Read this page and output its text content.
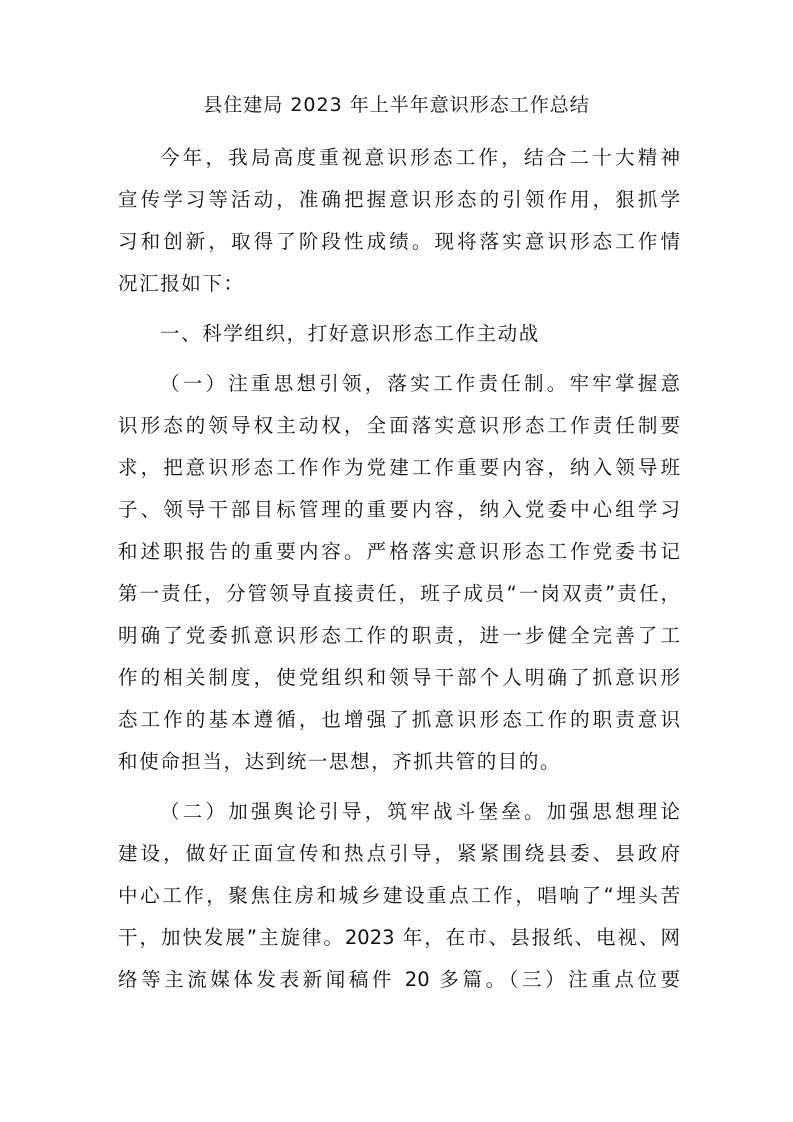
县住建局 2023 年上半年意识形态工作总结
今年，我局高度重视意识形态工作，结合二十大精神
宣传学习等活动，准确把握意识形态的引领作用，狠抓学
习和创新，取得了阶段性成绩。现将落实意识形态工作情
况汇报如下：
一、科学组织，打好意识形态工作主动战
（一）注重思想引领，落实工作责任制。牢牢掌握意
识形态的领导权主动权，全面落实意识形态工作责任制要
求，把意识形态工作作为党建工作重要内容，纳入领导班
子、领导干部目标管理的重要内容，纳入党委中心组学习
和述职报告的重要内容。严格落实意识形态工作党委书记
第一责任，分管领导直接责任，班子成员“一岗双责”责任，
明确了党委抓意识形态工作的职责，进一步健全完善了工
作的相关制度，使党组织和领导干部个人明确了抓意识形
态工作的基本遵循，也增强了抓意识形态工作的职责意识
和使命担当，达到统一思想，齐抓共管的目的。
（二）加强舆论引导，筑牢战斗堡垒。加强思想理论
建设，做好正面宣传和热点引导，紧紧围绕县委、县政府
中心工作，聚焦住房和城乡建设重点工作，唱响了“埋头苦
干，加快发展”主旋律。2023 年，在市、县报纸、电视、网
络等主流媒体发表新闻稿件 20 多篇。（三）注重点位要
